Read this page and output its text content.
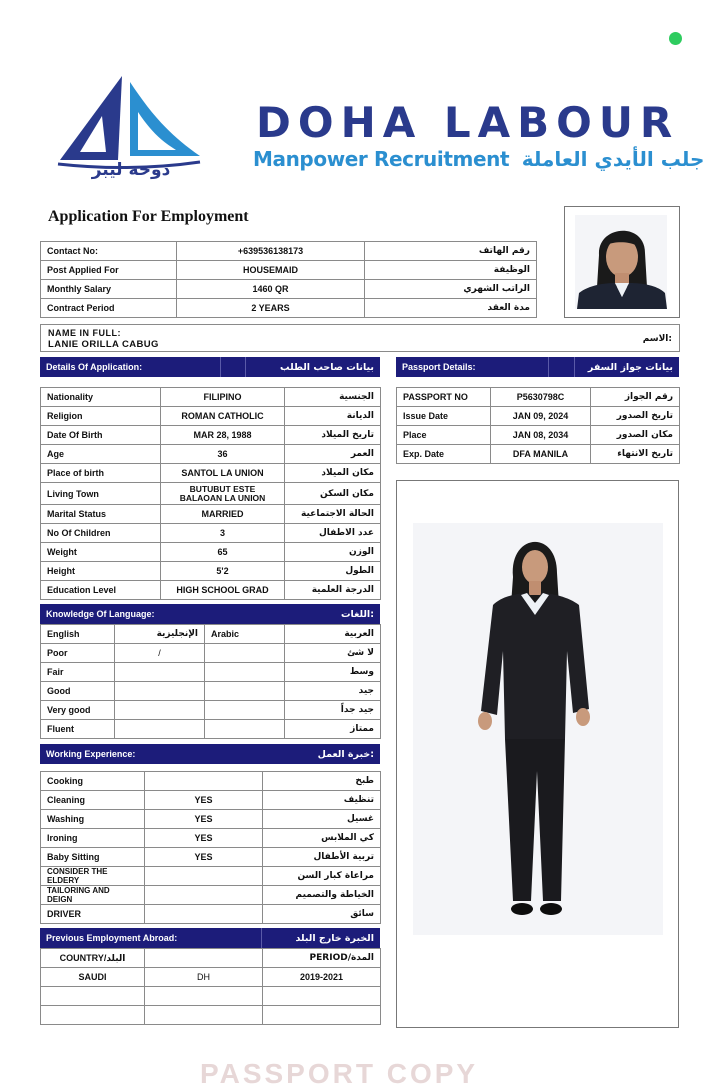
دوحة ليبر
DOHA LABOUR
Manpower Recruitment جلب الأيدي العاملة
Application For Employment
Contact No:	+639536138173	رقم الهاتف
Post Applied For	HOUSEMAID	الوظيفة
Monthly Salary	1460 QR	الراتب الشهري
Contract Period	2 YEARS	مدة العقد
NAME IN FULL:
LANIE ORILLA CABUG	الاسم:
Details Of Application:	بيانات صاحب الطلب	Passport Details:	بيانات جواز السفر
Nationality	FILIPINO	الجنسية
Religion	ROMAN CATHOLIC	الديانة
Date Of Birth	MAR 28, 1988	تاريخ الميلاد
Age	36	العمر
Place of birth	SANTOL LA UNION	مكان الميلاد
Living Town	BUTUBUT ESTE
BALAOAN LA UNION	مكان السكن
Marital Status	MARRIED	الحالة الاجتماعية
No Of Children	3	عدد الاطفال
Weight	65	الوزن
Height	5'2	الطول
Education Level	HIGH SCHOOL GRAD	الدرجة العلمية
PASSPORT NO	P5630798C	رقم الجواز
Issue Date	JAN 09, 2024	تاريخ الصدور
Place	JAN 08, 2034	مكان الصدور
Exp. Date	DFA MANILA	تاريخ الانتهاء
Knowledge Of Language:	اللغات:
English	الإنجليزية	Arabic	العربية
Poor	/		لا شئ
Fair			وسط
Good			جيد
Very good			جيد جداً
Fluent			ممتاز
Working Experience:	خبرة العمل:
Cooking		طبخ
Cleaning	YES	تنظيف
Washing	YES	غسيل
Ironing	YES	كي الملابس
Baby Sitting	YES	تربية الأطفال

CONSIDER THE
ELDERY		مراعاة كبار السن

TAILORING AND
DEIGN		الخياطة والتصميم
DRIVER		سائق
Previous Employment Abroad:	الخبرة خارج البلد
COUNTRY/البلد		PERIOD/المدة
SAUDI	DH	2019-2021

PASSPORT COPY
